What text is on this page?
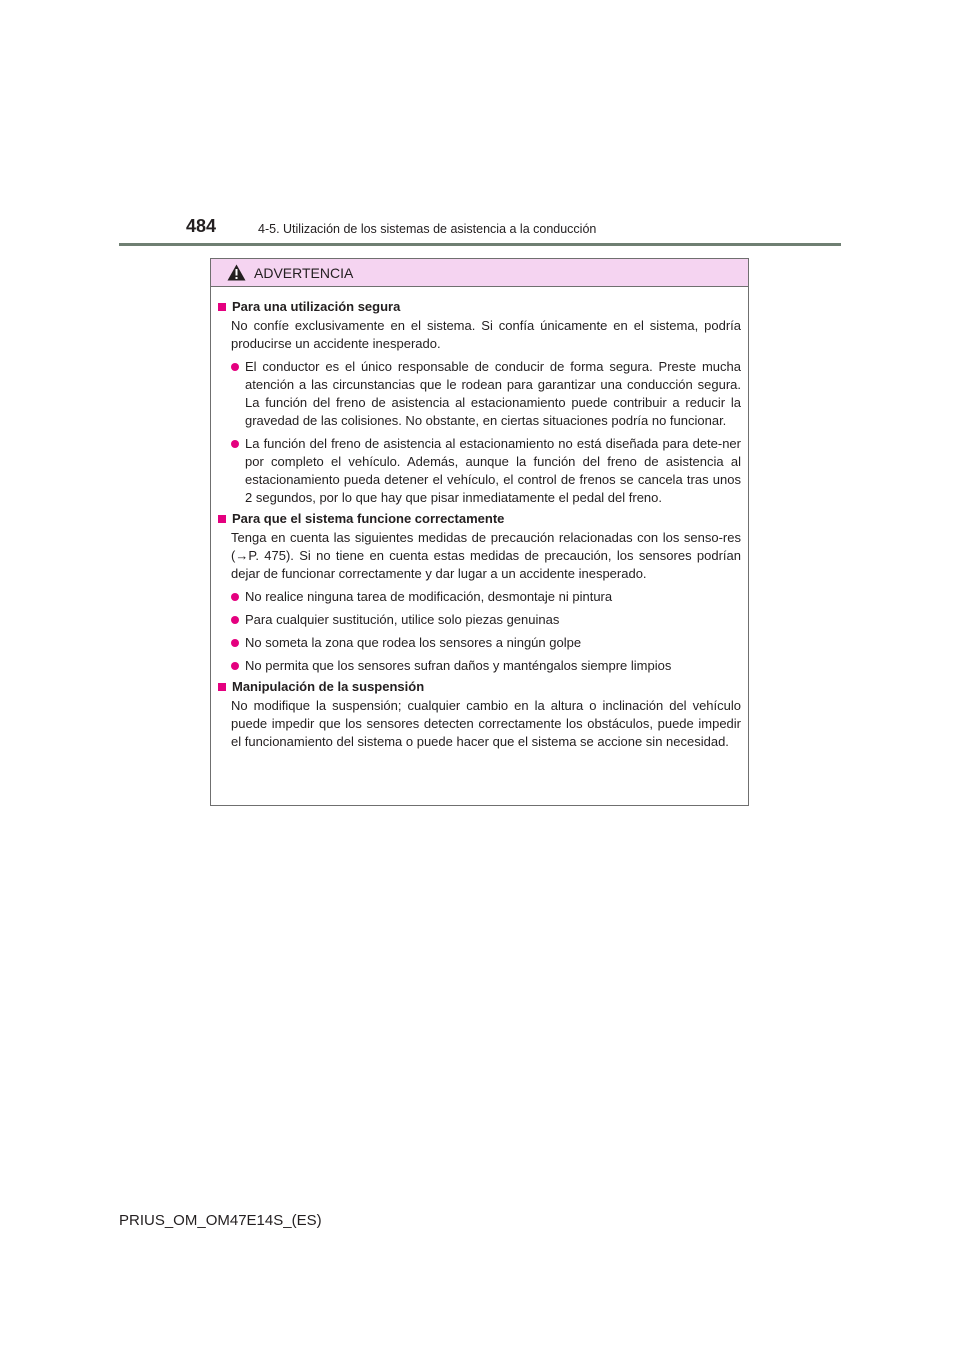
484	4-5. Utilización de los sistemas de asistencia a la conducción
ADVERTENCIA
Para una utilización segura
No confíe exclusivamente en el sistema. Si confía únicamente en el sistema, podría producirse un accidente inesperado.
El conductor es el único responsable de conducir de forma segura. Preste mucha atención a las circunstancias que le rodean para garantizar una conducción segura. La función del freno de asistencia al estacionamiento puede contribuir a reducir la gravedad de las colisiones. No obstante, en ciertas situaciones podría no funcionar.
La función del freno de asistencia al estacionamiento no está diseñada para dete-ner por completo el vehículo. Además, aunque la función del freno de asistencia al estacionamiento pueda detener el vehículo, el control de frenos se cancela tras unos 2 segundos, por lo que hay que pisar inmediatamente el pedal del freno.
Para que el sistema funcione correctamente
Tenga en cuenta las siguientes medidas de precaución relacionadas con los senso-res (→P. 475). Si no tiene en cuenta estas medidas de precaución, los sensores podrían dejar de funcionar correctamente y dar lugar a un accidente inesperado.
No realice ninguna tarea de modificación, desmontaje ni pintura
Para cualquier sustitución, utilice solo piezas genuinas
No someta la zona que rodea los sensores a ningún golpe
No permita que los sensores sufran daños y manténgalos siempre limpios
Manipulación de la suspensión
No modifique la suspensión; cualquier cambio en la altura o inclinación del vehículo puede impedir que los sensores detecten correctamente los obstáculos, puede impedir el funcionamiento del sistema o puede hacer que el sistema se accione sin necesidad.
PRIUS_OM_OM47E14S_(ES)
